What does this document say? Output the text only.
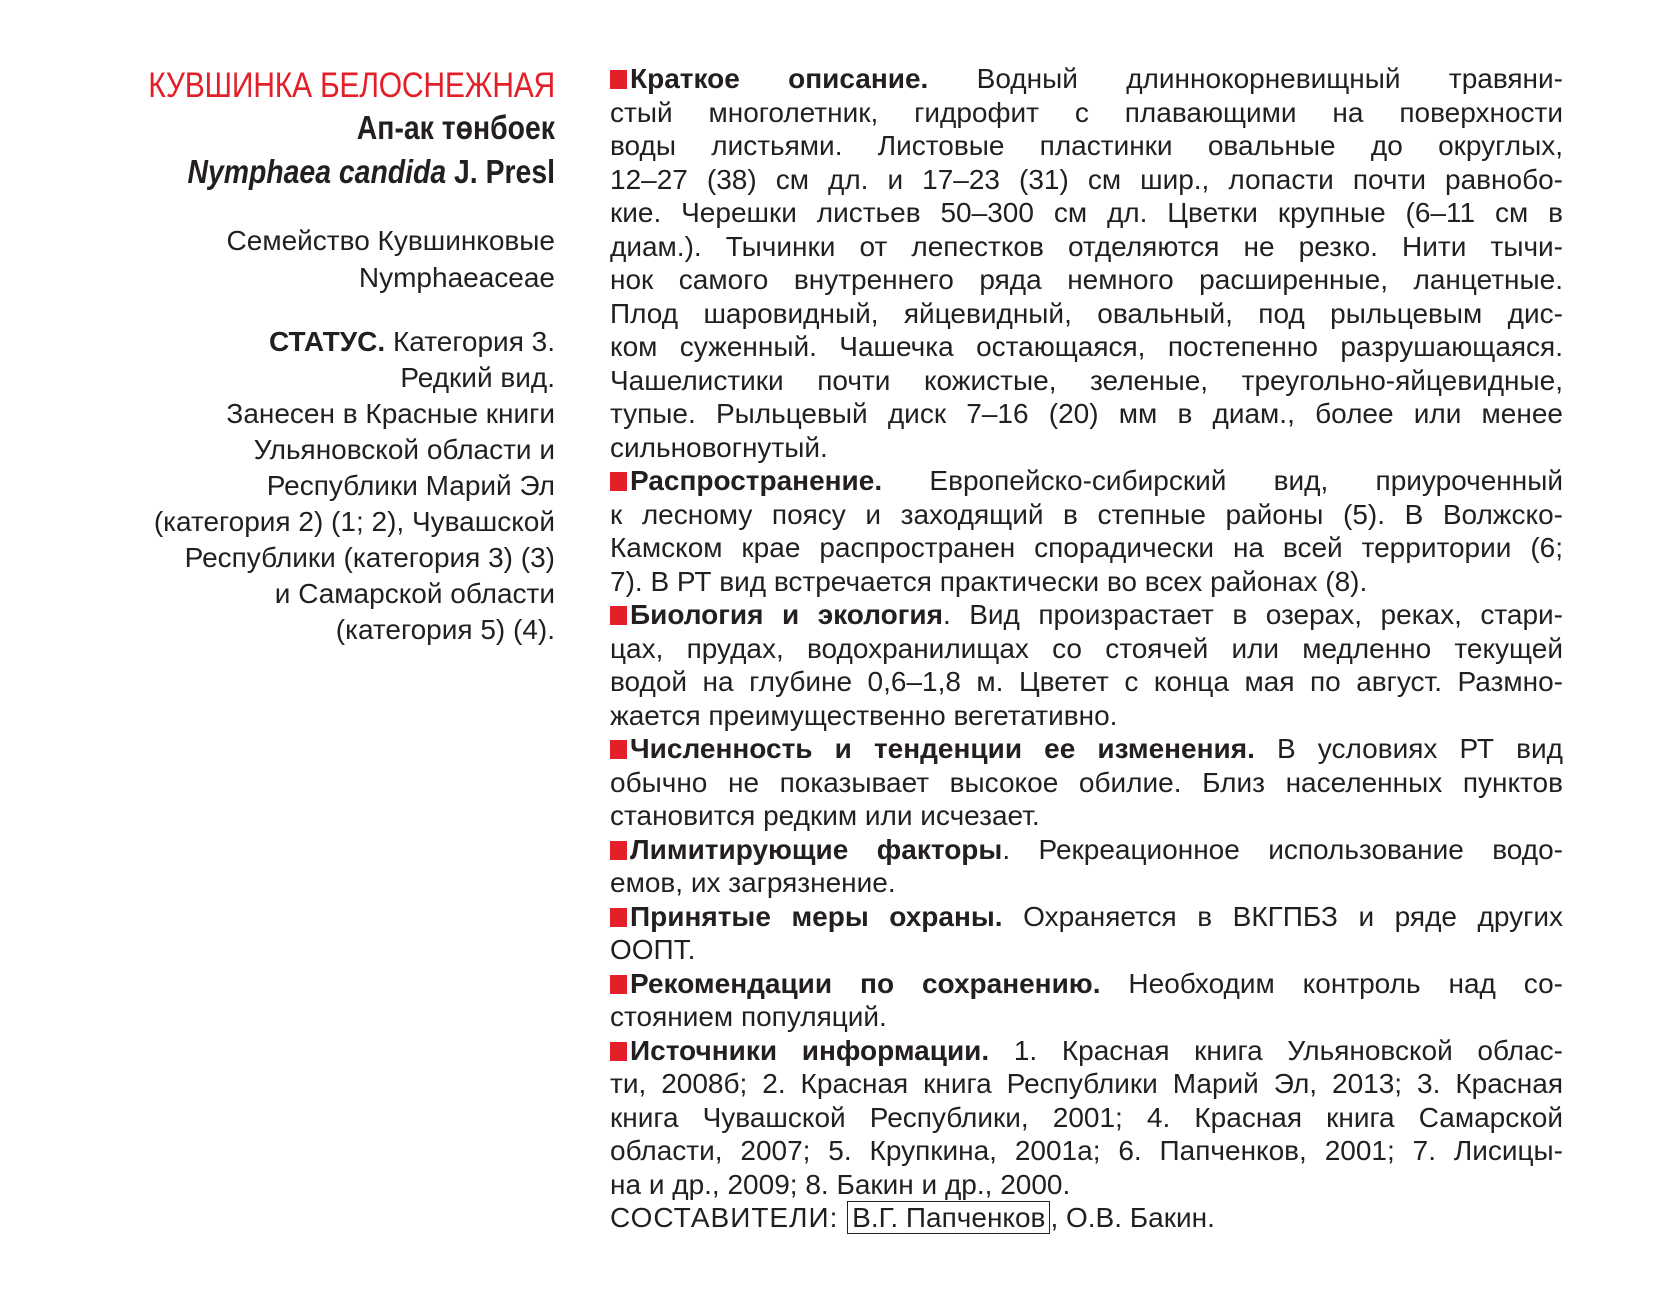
КУВШИНКА БЕЛОСНЕЖНАЯ
Ап-ак төнбоек
Nymphaea candida J. Presl
Семейство Кувшинковые
Nymphaeaceae
СТАТУС. Категория 3.
Редкий вид.
Занесен в Красные книги
Ульяновской области и
Республики Марий Эл
(категория 2) (1; 2), Чувашской
Республики (категория 3) (3)
и Самарской области
(категория 5) (4).
Краткое описание. Водный длиннокорневищный травяни-
стый многолетник, гидрофит с плавающими на поверхности
воды листьями. Листовые пластинки овальные до округлых,
12–27 (38) см дл. и 17–23 (31) см шир., лопасти почти равнобо-
кие. Черешки листьев 50–300 см дл. Цветки крупные (6–11 см в
диам.). Тычинки от лепестков отделяются не резко. Нити тычи-
нок самого внутреннего ряда немного расширенные, ланцетные.
Плод шаровидный, яйцевидный, овальный, под рыльцевым дис-
ком суженный. Чашечка остающаяся, постепенно разрушающаяся.
Чашелистики почти кожистые, зеленые, треугольно-яйцевидные,
тупые. Рыльцевый диск 7–16 (20) мм в диам., более или менее
сильновогнутый.
Распространение. Европейско-сибирский вид, приуроченный
к лесному поясу и заходящий в степные районы (5). В Волжско-
Камском крае распространен спорадически на всей территории (6;
7). В РТ вид встречается практически во всех районах (8).
Биология и экология. Вид произрастает в озерах, реках, стари-
цах, прудах, водохранилищах со стоячей или медленно текущей
водой на глубине 0,6–1,8 м. Цветет с конца мая по август. Размно-
жается преимущественно вегетативно.
Численность и тенденции ее изменения. В условиях РТ вид
обычно не показывает высокое обилие. Близ населенных пунктов
становится редким или исчезает.
Лимитирующие факторы. Рекреационное использование водо-
емов, их загрязнение.
Принятые меры охраны. Охраняется в ВКГПБЗ и ряде других
ООПТ.
Рекомендации по сохранению. Необходим контроль над со-
стоянием популяций.
Источники информации. 1. Красная книга Ульяновской облас-
ти, 2008б; 2. Красная книга Республики Марий Эл, 2013; 3. Красная
книга Чувашской Республики, 2001; 4. Красная книга Самарской
области, 2007; 5. Крупкина, 2001а; 6. Папченков, 2001; 7. Лисицы-
на и др., 2009; 8. Бакин и др., 2000.
СОСТАВИТЕЛИ: В.Г. Папченков , О.В. Бакин.
